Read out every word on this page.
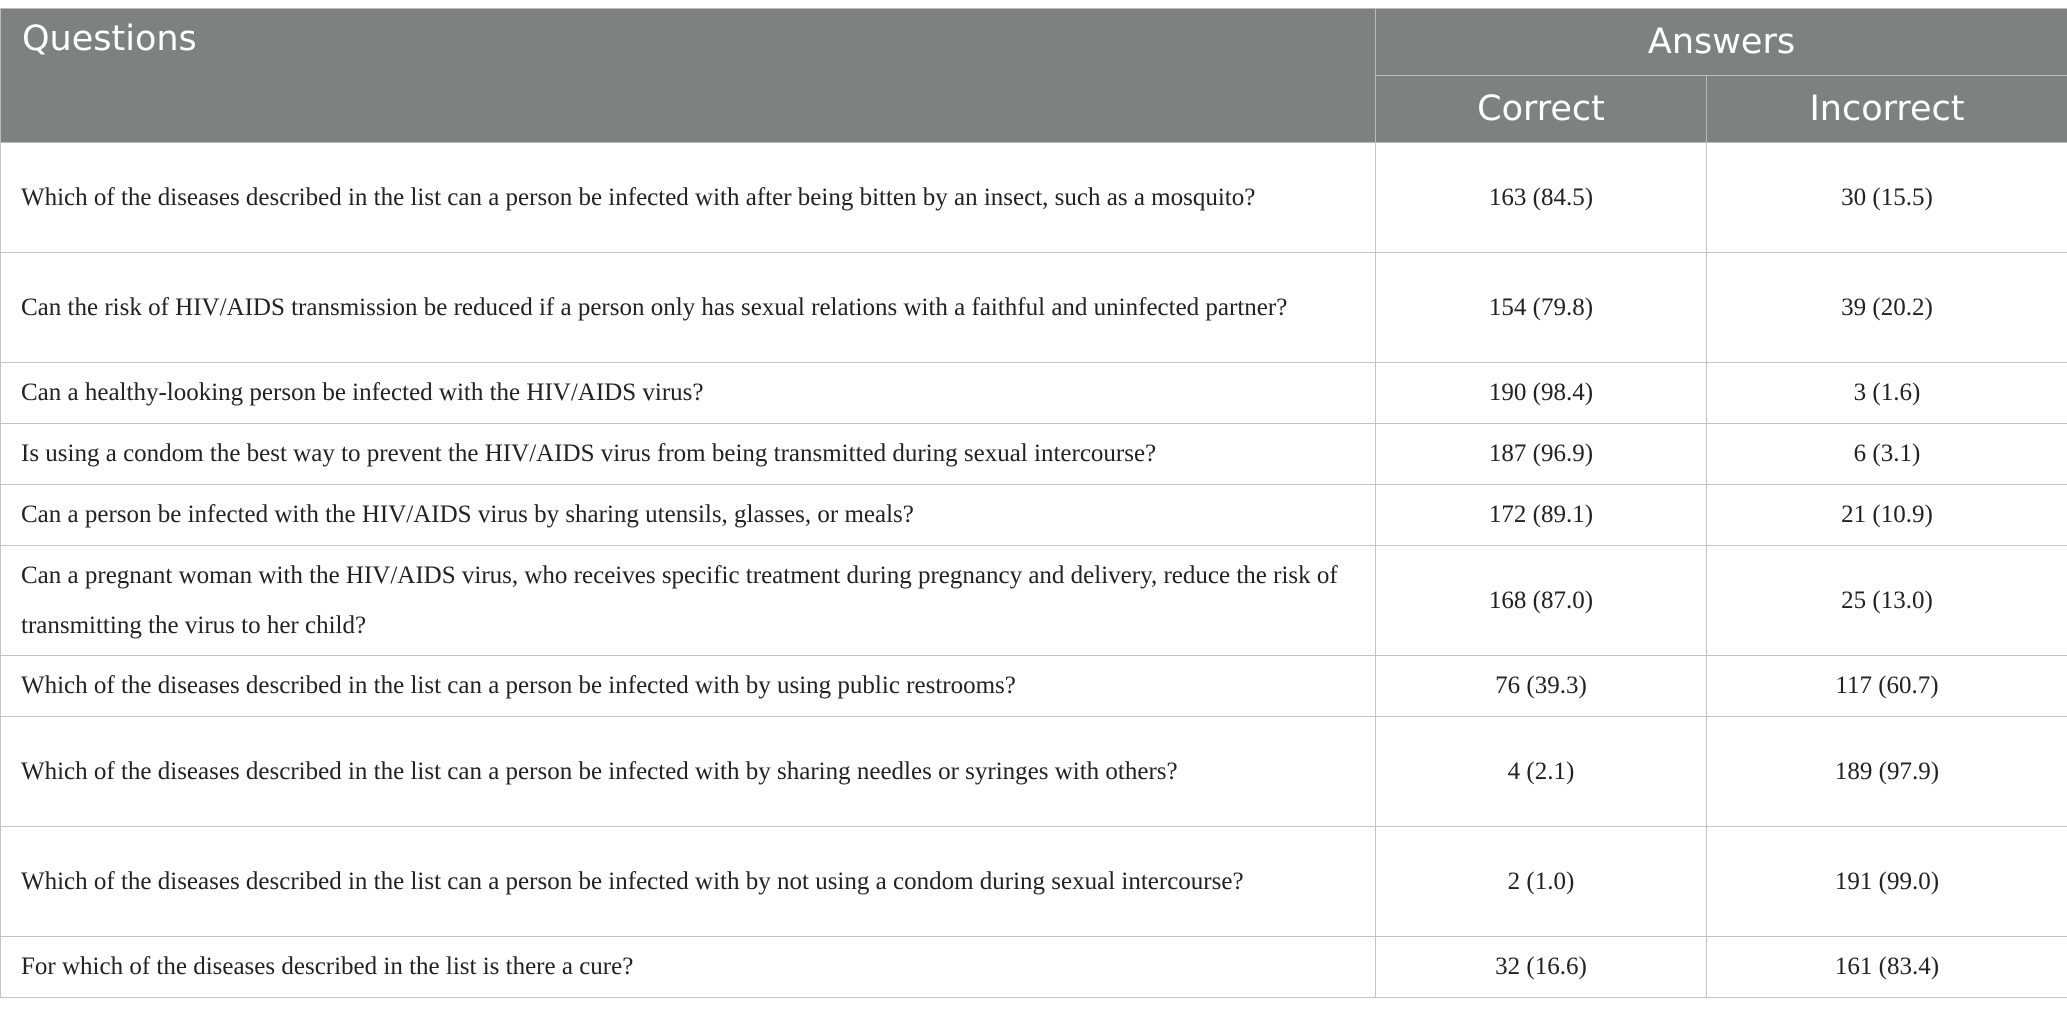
Questions	Answers	
	Correct	Incorrect
Which of the diseases described in the list can a person be infected with after being bitten by an insect, such as a mosquito?	163 (84.5)	30 (15.5)
Can the risk of HIV/AIDS transmission be reduced if a person only has sexual relations with a faithful and uninfected partner?	154 (79.8)	39 (20.2)
Can a healthy-looking person be infected with the HIV/AIDS virus?	190 (98.4)	3 (1.6)
Is using a condom the best way to prevent the HIV/AIDS virus from being transmitted during sexual intercourse?	187 (96.9)	6 (3.1)
Can a person be infected with the HIV/AIDS virus by sharing utensils, glasses, or meals?	172 (89.1)	21 (10.9)
Can a pregnant woman with the HIV/AIDS virus, who receives specific treatment during pregnancy and delivery, reduce the risk of transmitting the virus to her child?	168 (87.0)	25 (13.0)
Which of the diseases described in the list can a person be infected with by using public restrooms?	76 (39.3)	117 (60.7)
Which of the diseases described in the list can a person be infected with by sharing needles or syringes with others?	4 (2.1)	189 (97.9)
Which of the diseases described in the list can a person be infected with by not using a condom during sexual intercourse?	2 (1.0)	191 (99.0)
For which of the diseases described in the list is there a cure?	32 (16.6)	161 (83.4)
